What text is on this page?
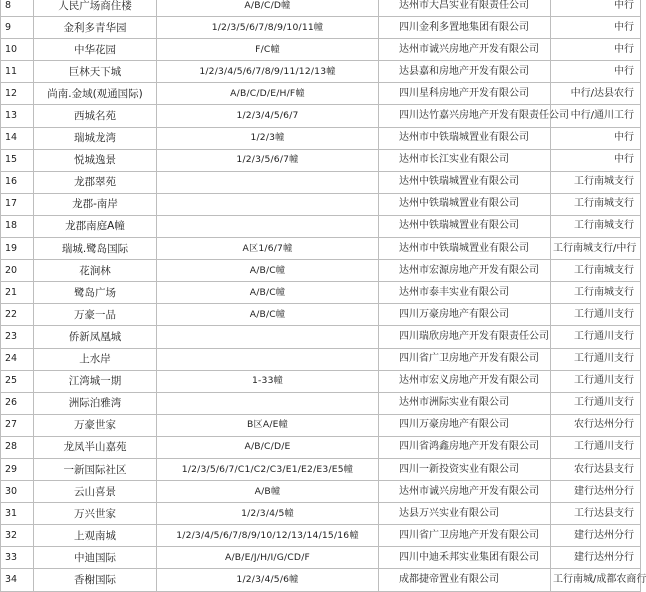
8	人民广场商住楼	A/B/C/D幢	达州市大昌实业有限责任公司	中行
9	金利多青华园	1/2/3/5/6/7/8/9/10/11幢	四川金利多置地集团有限公司	中行
10	中华花园	F/C幢	达州市诚兴房地产开发有限公司	中行
11	巨林天下城	1/2/3/4/5/6/7/8/9/11/12/13幢	达县嘉和房地产开发有限公司	中行
12	尚南.金域(观通国际)	A/B/C/D/E/H/F幢	四川星科房地产开发有限公司	中行/达县农行
13	西城名苑	1/2/3/4/5/6/7	四川达竹嘉兴房地产开发有限责任公司	中行/通川工行
14	瑞城龙湾	1/2/3幢	达州市中铁瑞城置业有限公司	中行
15	悦城逸景	1/2/3/5/6/7幢	达州市长江实业有限公司	中行
16	龙郡翠苑		达州中铁瑞城置业有限公司	工行南城支行
17	龙郡-南岸		达州中铁瑞城置业有限公司	工行南城支行
18	龙郡南庭A幢		达州中铁瑞城置业有限公司	工行南城支行
19	瑞城.鹭岛国际	A区1/6/7幢	达州市中铁瑞城置业有限公司	工行南城支行/中行
20	花涧林	A/B/C幢	达州市宏源房地产开发有限公司	工行南城支行
21	鹭岛广场	A/B/C幢	达州市泰丰实业有限公司	工行南城支行
22	万豪一品	A/B/C幢	四川万豪房地产有限公司	工行通川支行
23	侨新凤凰城		四川瑞欣房地产开发有限责任公司	工行通川支行
24	上水岸		四川省广卫房地产开发有限公司	工行通川支行
25	江湾城一期	1-33幢	达州市宏义房地产开发有限公司	工行通川支行
26	洲际泊雅湾		达州市洲际实业有限公司	工行通川支行
27	万豪世家	B区A/E幢	四川万豪房地产有限公司	农行达州分行
28	龙凤半山嘉苑	A/B/C/D/E	四川省鸿鑫房地产开发有限公司	工行通川支行
29	一新国际社区	1/2/3/5/6/7/C1/C2/C3/E1/E2/E3/E5幢	四川一新投资实业有限公司	农行达县支行
30	云山喜景	A/B幢	达州市诚兴房地产开发有限公司	建行达州分行
31	万兴世家	1/2/3/4/5幢	达县万兴实业有限公司	工行达县支行
32	上观南城	1/2/3/4/5/6/7/8/9/10/12/13/14/15/16幢	四川省广卫房地产开发有限公司	建行达州分行
33	中迪国际	A/B/E/J/H/I/G/CD/F	四川中迪禾邦实业集团有限公司	建行达州分行
34	香榭国际	1/2/3/4/5/6幢	成都捷帝置业有限公司	工行南城/成都农商行
